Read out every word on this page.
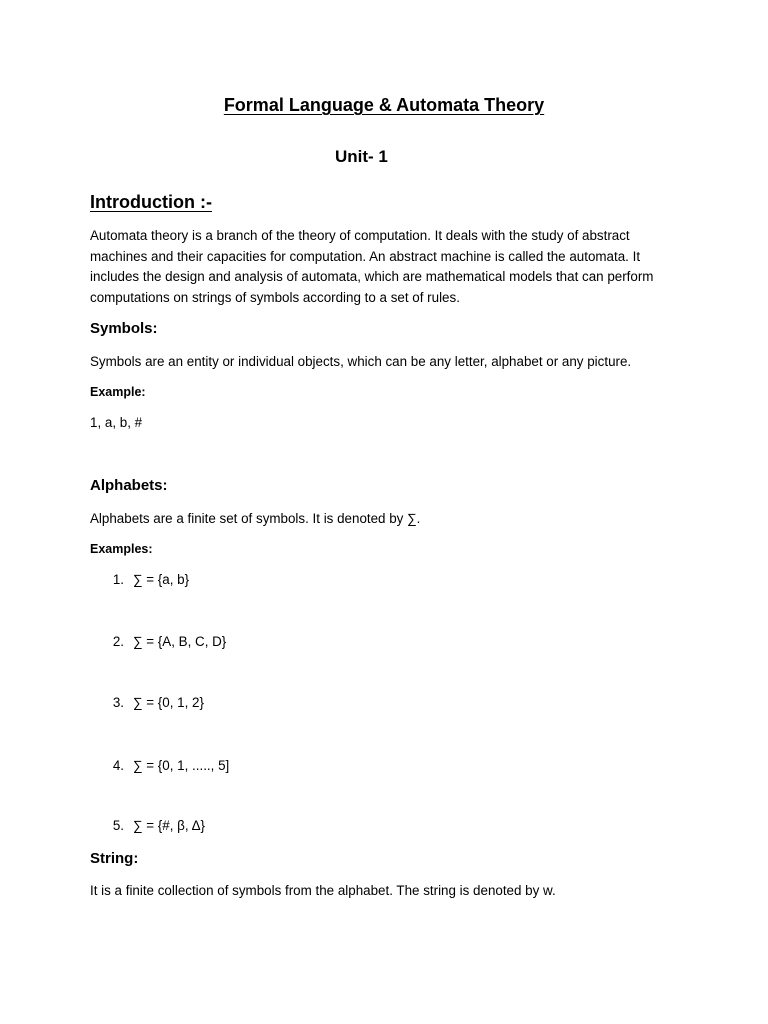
Formal Language & Automata Theory
Unit- 1
Introduction :-
Automata theory is a branch of the theory of computation. It deals with the study of abstract machines and their capacities for computation. An abstract machine is called the automata. It includes the design and analysis of automata, which are mathematical models that can perform computations on strings of symbols according to a set of rules.
Symbols:
Symbols are an entity or individual objects, which can be any letter, alphabet or any picture.
Example:
1, a, b, #
Alphabets:
Alphabets are a finite set of symbols. It is denoted by ∑.
Examples:
1. ∑ = {a, b}
2. ∑ = {A, B, C, D}
3. ∑ = {0, 1, 2}
4. ∑ = {0, 1, ....., 5]
5. ∑ = {#, β, Δ}
String:
It is a finite collection of symbols from the alphabet. The string is denoted by w.
